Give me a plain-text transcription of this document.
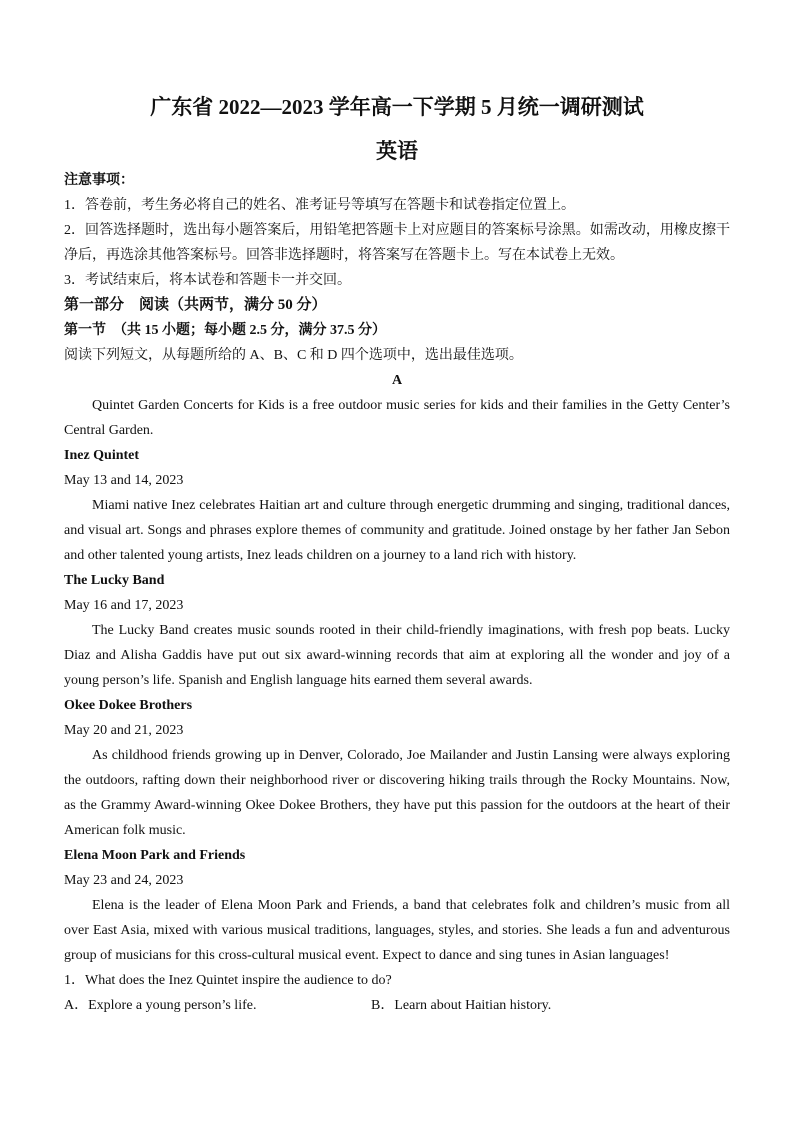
广东省 2022—2023 学年高一下学期 5 月统一调研测试

英语

注意事项：

1．答卷前，考生务必将自己的姓名、准考证号等填写在答题卡和试卷指定位置上。

2．回答选择题时，选出每小题答案后，用铅笔把答题卡上对应题目的答案标号涂黑。如需改动，用橡皮擦干净后，再选涂其他答案标号。回答非选择题时，将答案写在答题卡上。写在本试卷上无效。

3．考试结束后，将本试卷和答题卡一并交回。

第一部分　阅读（共两节，满分 50 分）

第一节　（共 15 小题；每小题 2.5 分，满分 37.5 分）

阅读下列短文，从每题所给的 A、B、C 和 D 四个选项中，选出最佳选项。

A

Quintet Garden Concerts for Kids is a free outdoor music series for kids and their families in the Getty Center’s Central Garden.

Inez Quintet

May 13 and 14, 2023

Miami native Inez celebrates Haitian art and culture through energetic drumming and singing, traditional dances, and visual art. Songs and phrases explore themes of community and gratitude. Joined onstage by her father Jan Sebon and other talented young artists, Inez leads children on a journey to a land rich with history.

The Lucky Band

May 16 and 17, 2023

The Lucky Band creates music sounds rooted in their child-friendly imaginations, with fresh pop beats. Lucky Diaz and Alisha Gaddis have put out six award-winning records that aim at exploring all the wonder and joy of a young person’s life. Spanish and English language hits earned them several awards.

Okee Dokee Brothers

May 20 and 21, 2023

As childhood friends growing up in Denver, Colorado, Joe Mailander and Justin Lansing were always exploring the outdoors, rafting down their neighborhood river or discovering hiking trails through the Rocky Mountains. Now, as the Grammy Award-winning Okee Dokee Brothers, they have put this passion for the outdoors at the heart of their American folk music.

Elena Moon Park and Friends

May 23 and 24, 2023

Elena is the leader of Elena Moon Park and Friends, a band that celebrates folk and children’s music from all over East Asia, mixed with various musical traditions, languages, styles, and stories. She leads a fun and adventurous group of musicians for this cross-cultural musical event. Expect to dance and sing tunes in Asian languages!

1．What does the Inez Quintet inspire the audience to do?

A．Explore a young person’s life.	B．Learn about Haitian history.
